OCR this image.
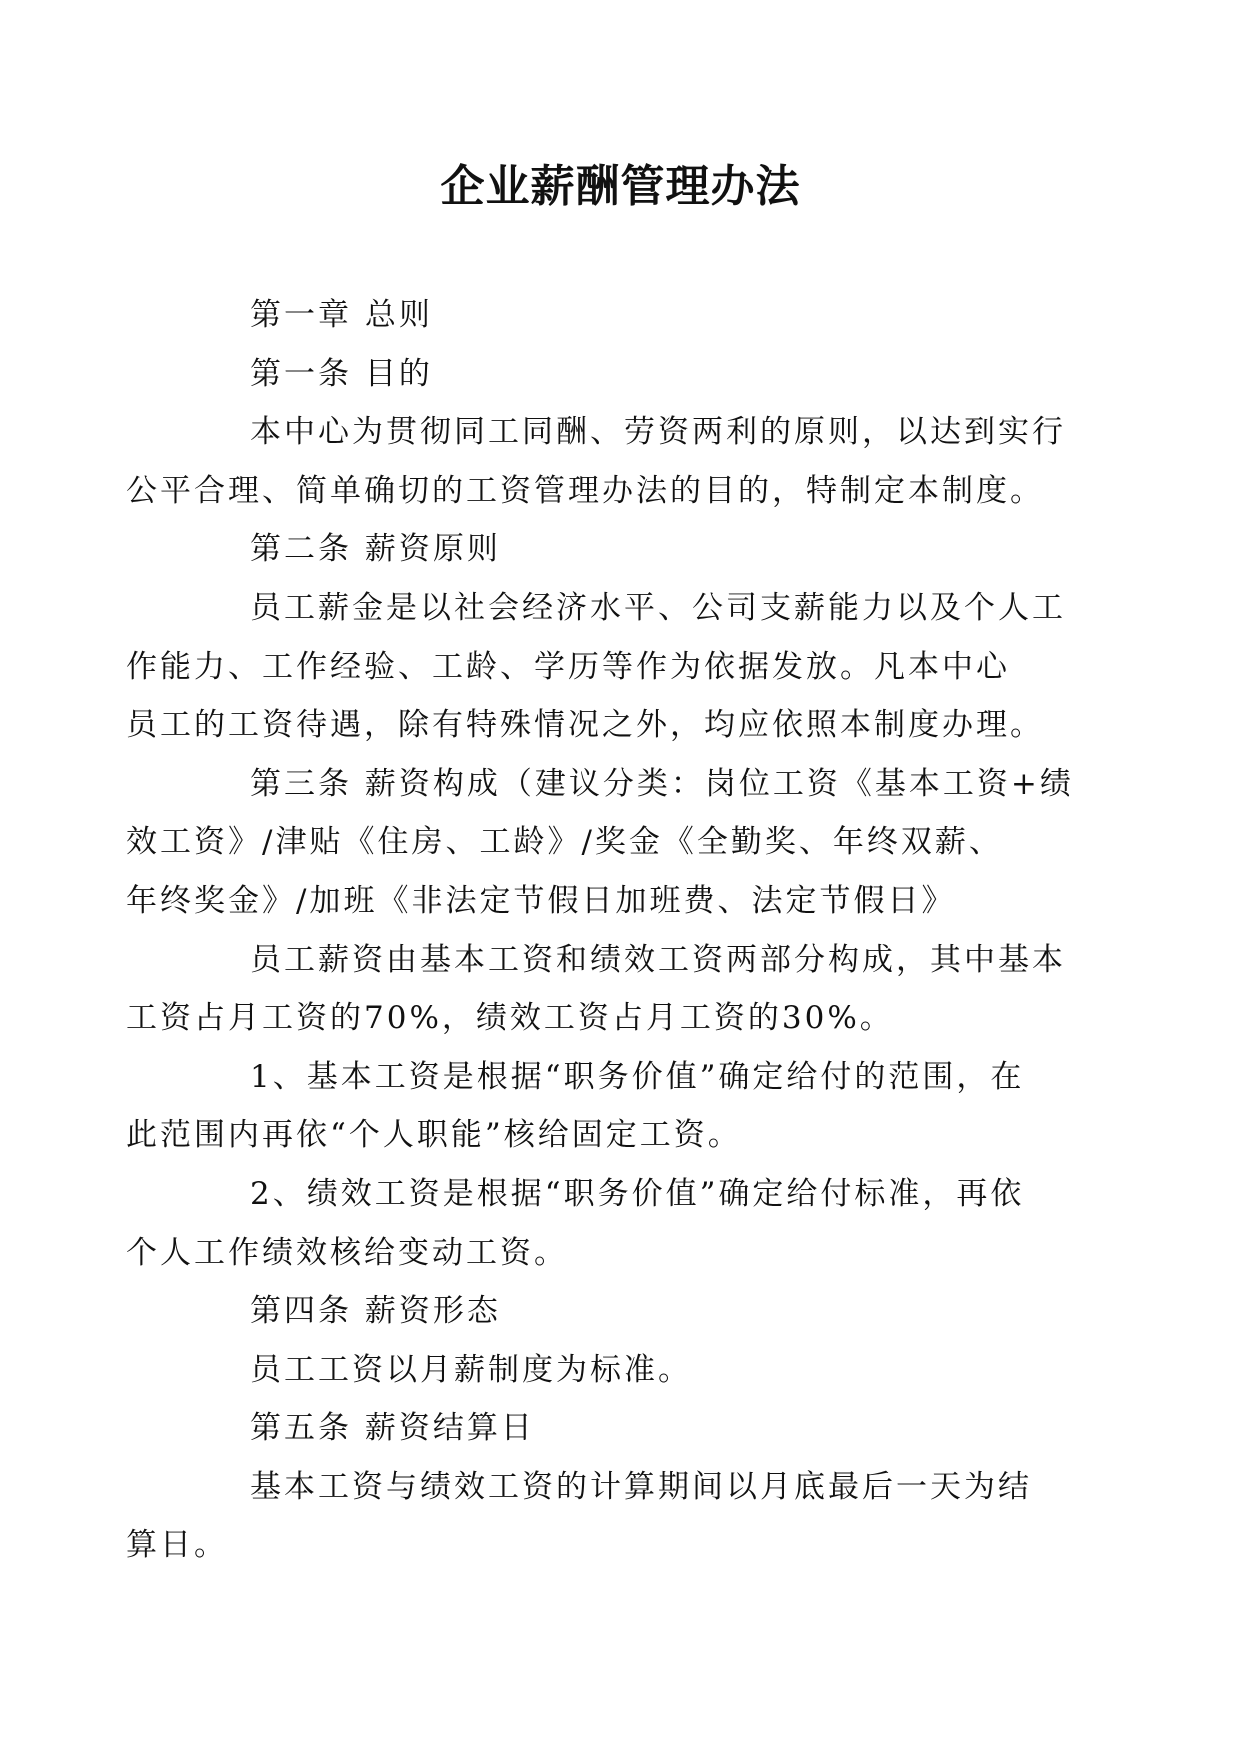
企业薪酬管理办法

第一章 总则

第一条 目的

本中心为贯彻同工同酬、劳资两利的原则，以达到实行
公平合理、简单确切的工资管理办法的目的，特制定本制度。

第二条 薪资原则

员工薪金是以社会经济水平、公司支薪能力以及个人工
作能力、工作经验、工龄、学历等作为依据发放。凡本中心
员工的工资待遇，除有特殊情况之外，均应依照本制度办理。

第三条 薪资构成（建议分类：岗位工资《基本工资+绩
效工资》/津贴《住房、工龄》/奖金《全勤奖、年终双薪、
年终奖金》/加班《非法定节假日加班费、法定节假日》

员工薪资由基本工资和绩效工资两部分构成，其中基本
工资占月工资的70%，绩效工资占月工资的30%。

1、基本工资是根据“职务价值”确定给付的范围，在
此范围内再依“个人职能”核给固定工资。

2、绩效工资是根据“职务价值”确定给付标准，再依
个人工作绩效核给变动工资。

第四条 薪资形态

员工工资以月薪制度为标准。

第五条 薪资结算日

基本工资与绩效工资的计算期间以月底最后一天为结
算日。
